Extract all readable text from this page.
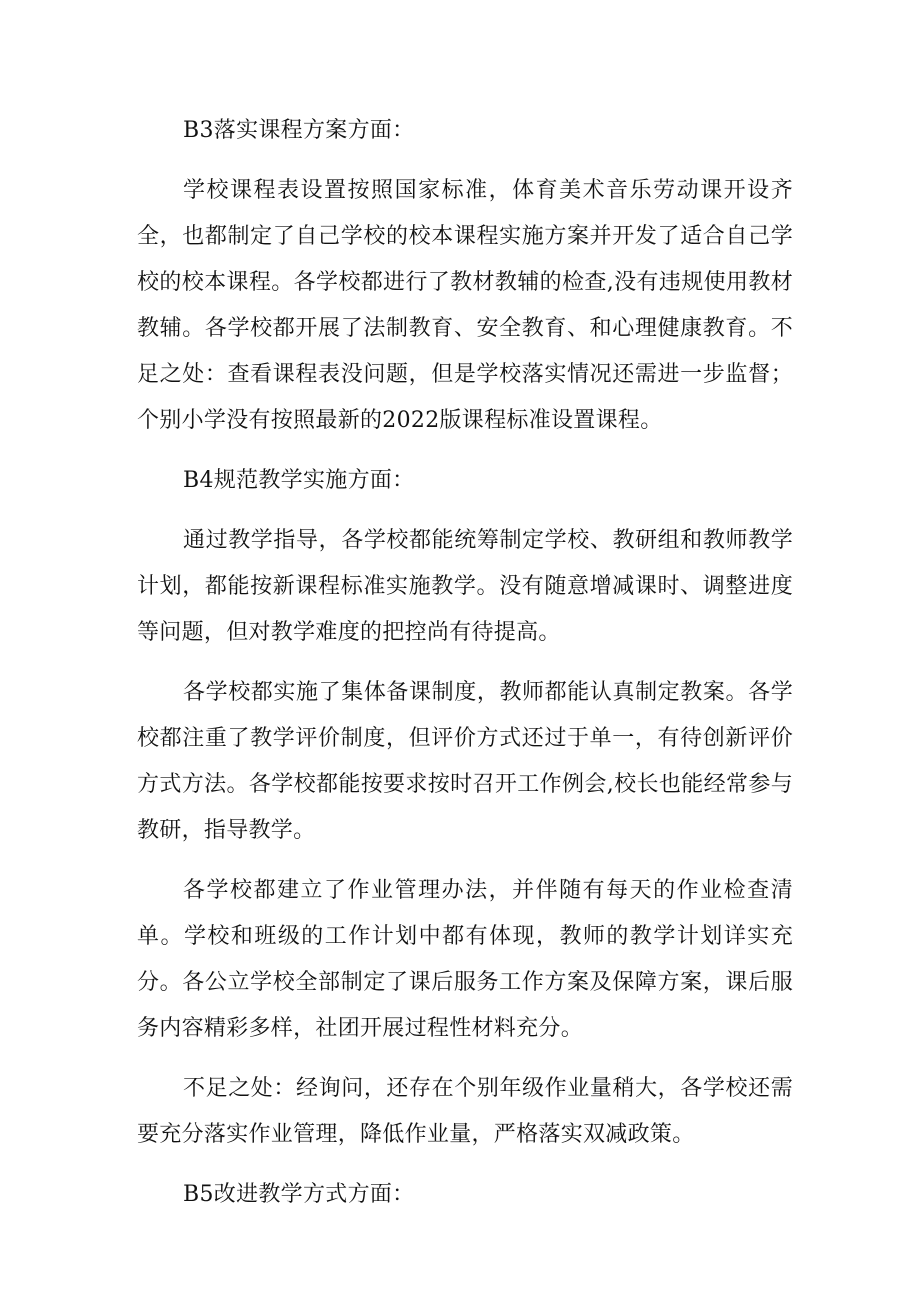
B3落实课程方案方面：

学校课程表设置按照国家标准，体育美术音乐劳动课开设齐全，也都制定了自己学校的校本课程实施方案并开发了适合自己学校的校本课程。各学校都进行了教材教辅的检查,没有违规使用教材教辅。各学校都开展了法制教育、安全教育、和心理健康教育。不足之处：查看课程表没问题，但是学校落实情况还需进一步监督；个别小学没有按照最新的2022版课程标准设置课程。

B4规范教学实施方面：

通过教学指导，各学校都能统筹制定学校、教研组和教师教学计划，都能按新课程标准实施教学。没有随意增减课时、调整进度等问题，但对教学难度的把控尚有待提高。

各学校都实施了集体备课制度，教师都能认真制定教案。各学校都注重了教学评价制度，但评价方式还过于单一，有待创新评价方式方法。各学校都能按要求按时召开工作例会,校长也能经常参与教研，指导教学。

各学校都建立了作业管理办法，并伴随有每天的作业检查清单。学校和班级的工作计划中都有体现，教师的教学计划详实充分。各公立学校全部制定了课后服务工作方案及保障方案，课后服务内容精彩多样，社团开展过程性材料充分。

不足之处：经询问，还存在个别年级作业量稍大，各学校还需要充分落实作业管理，降低作业量，严格落实双减政策。

B5改进教学方式方面：
